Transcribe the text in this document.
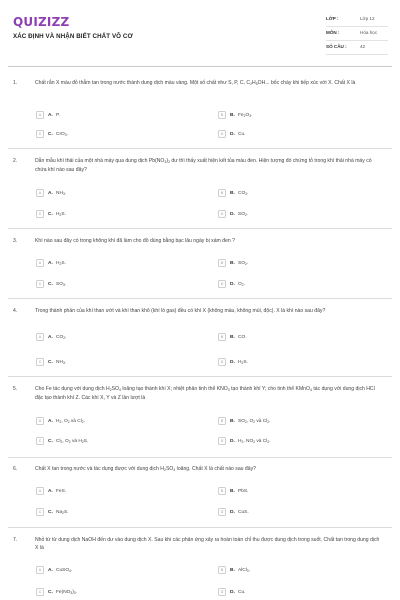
QUIZIZZ
XÁC ĐỊNH VÀ NHẬN BIẾT CHẤT VÔ CƠ
LỚP :	Lớp 12
MÔN :	Hóa học
SỐ CÂU :	42
1.	Chất rắn X màu đỏ thẫm tan trong nước thành dung dịch màu vàng. Một số chất như S, P, C, $C_2H_5OH$... bốc cháy khi tiếp xúc với X. Chất X là
A	A. P.	B	B. $Fe_2O_3$.
C	C. CrO$_3$.	D	D. Cu.
2.	Dẫn mẫu khí thải của một nhà máy qua dung dịch $Pb(NO_3)_2$ dư thì thấy xuất hiện kết tủa màu đen. Hiện tượng đó chứng tỏ trong khí thải nhà máy có chứa khí nào sau đây?
A	A. $NH_3$.	B	B. $CO_2$.
C	C. $H_2S$.	D	D. $SO_2$.
3.	Khí nào sau đây có trong không khí đã làm cho đồ dùng bằng bạc lâu ngày bị xám đen ?
A	A. $H_2S$.	B	B. $SO_2$.
C	C. $SO_3$.	D	D. $O_2$.
4.	Trong thành phần của khí than ướt và khí than khô (khí lò gas) đều có khí X (không màu, không mùi, độc). X là khí nào sau đây?
A	A. $CO_2$.	B	B. CO.
C	C. $NH_3$.	D	D. $H_2S$.
5.	Cho Fe tác dụng với dung dịch $H_2SO_4$ loãng tạo thành khí X; nhiệt phân tinh thể $KNO_3$ tạo thành khí Y; cho tinh thể KMnO$_4$ tác dụng với dung dịch HCl đặc tạo thành khí Z. Các khí X, Y và Z lần lượt là
A	A. $H_2$, $O_2$ và $Cl_2$.	B	B. $SO_2$, $O_2$ và $Cl_2$.
C	C. $Cl_2$, $O_2$ và $H_2S$.	D	D. $H_2$, $NO_2$ và $Cl_2$.
6.	Chất X tan trong nước và tác dụng được với dung dịch $H_2SO_4$ loãng. Chất X là chất nào sau đây?
A	A. FeS.	B	B. PbS.
C	C. $Na_2S$.	D	D. CuS.
7.	Nhỏ từ từ dung dịch NaOH đến dư vào dung dịch X. Sau khi các phản ứng xảy ra hoàn toàn chỉ thu được dung dịch trong suốt. Chất tan trong dung dịch X là
A	A. CuSO$_4$.	B	B. AlCl$_3$.
C	C. $Fe(NO_3)_3$.	D	D. Cu.
